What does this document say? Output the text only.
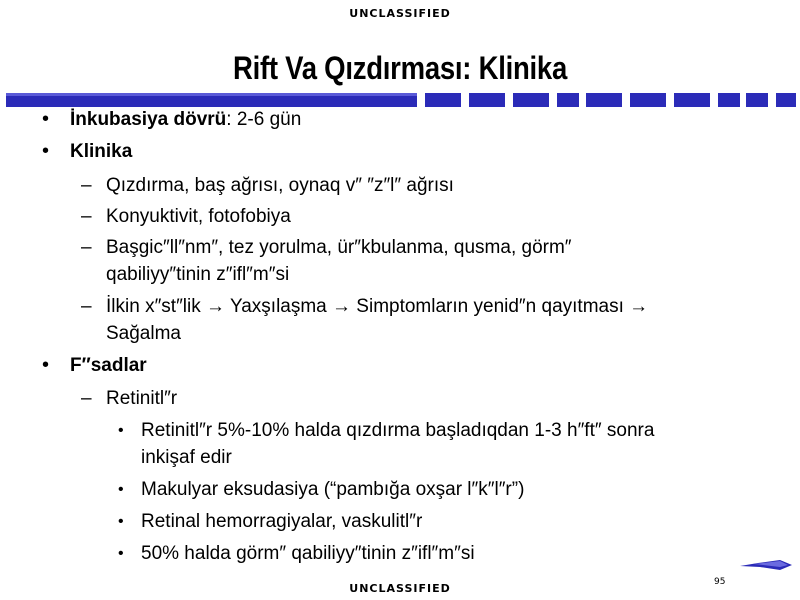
UNCLASSIFIED
Rift Va Qızdırması: Klinika
• İnkubasiya dövrü: 2-6 gün
• Klinika
– Qızdırma, baş ağrısı, oynaq v″ ″z″l″ ağrısı
– Konyuktivit, fotofobiya
– Başgic″ll″nm″, tez yorulma, ür″kbulanma, qusma, görm″
qabiliyy″tinin z″ifl″m″si
– İlkin x″st″lik → Yaxşılaşma → Simptomların yenid″n qayıtması →
Sağalma
• F″sadlar
– Retinitl″r
• Retinitl″r 5%-10% halda qızdırma başladıqdan 1-3 h″ft″ sonra
inkişaf edir
• Makulyar eksudasiya (“pambığa oxşar l″k″l″r”)
• Retinal hemorragiyalar, vaskulitl″r
• 50% halda görm″ qabiliyy″tinin z″ifl″m″si
95
UNCLASSIFIED
